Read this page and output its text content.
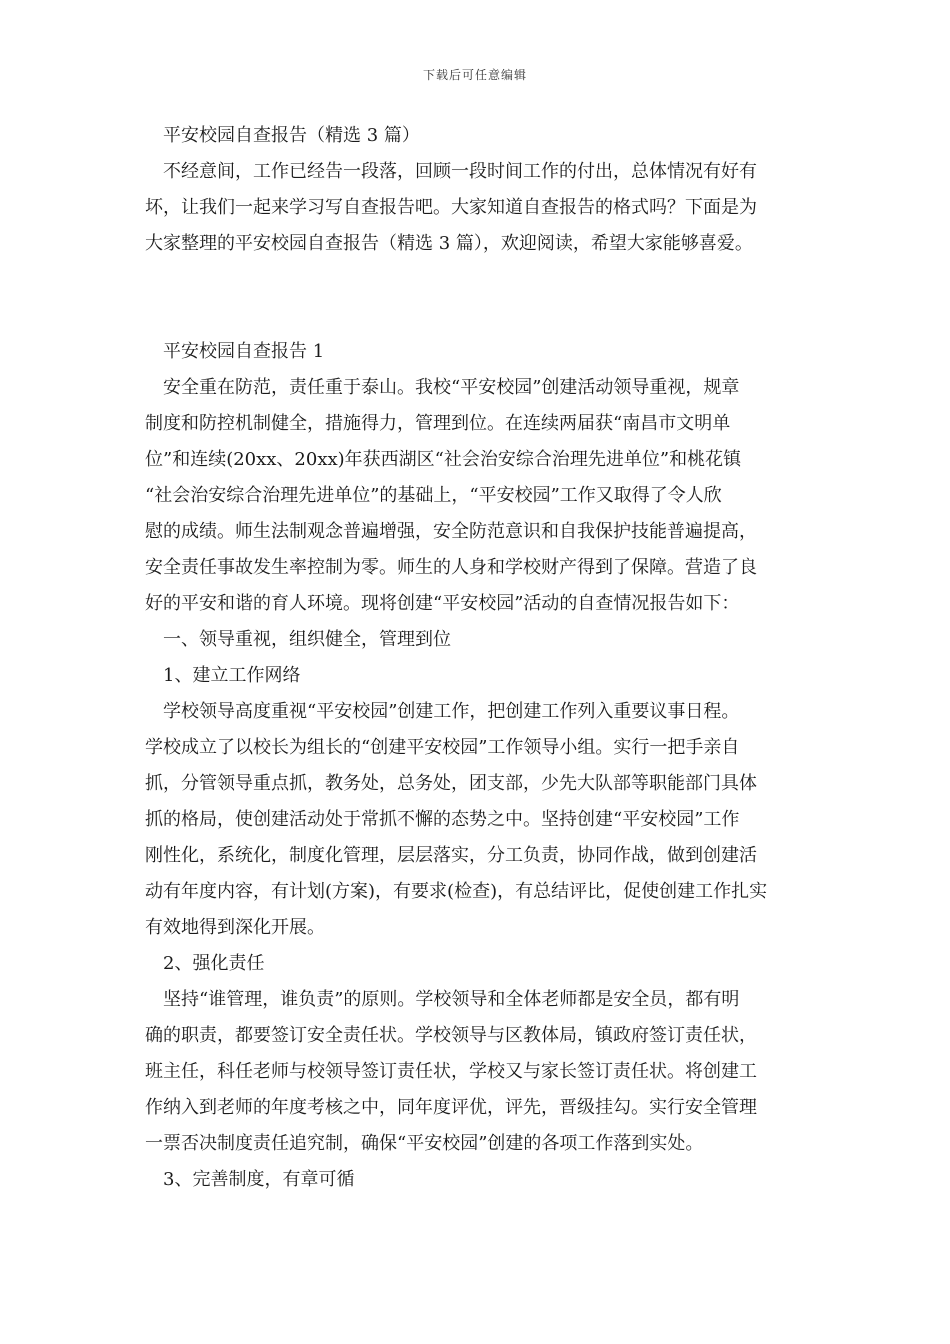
下载后可任意编辑

平安校园自查报告（精选 3 篇）

不经意间，工作已经告一段落，回顾一段时间工作的付出，总体情况有好有

坏，让我们一起来学习写自查报告吧。大家知道自查报告的格式吗？下面是为

大家整理的平安校园自查报告（精选 3 篇），欢迎阅读，希望大家能够喜爱。

平安校园自查报告 1

安全重在防范，责任重于泰山。我校“平安校园”创建活动领导重视，规章

制度和防控机制健全，措施得力，管理到位。在连续两届获“南昌市文明单

位”和连续(20xx、20xx)年获西湖区“社会治安综合治理先进单位”和桃花镇

“社会治安综合治理先进单位”的基础上，“平安校园”工作又取得了令人欣

慰的成绩。师生法制观念普遍增强，安全防范意识和自我保护技能普遍提高，

安全责任事故发生率控制为零。师生的人身和学校财产得到了保障。营造了良

好的平安和谐的育人环境。现将创建“平安校园”活动的自查情况报告如下：

一、领导重视，组织健全，管理到位

1、建立工作网络

学校领导高度重视“平安校园”创建工作，把创建工作列入重要议事日程。

学校成立了以校长为组长的“创建平安校园”工作领导小组。实行一把手亲自

抓，分管领导重点抓，教务处，总务处，团支部，少先大队部等职能部门具体

抓的格局，使创建活动处于常抓不懈的态势之中。坚持创建“平安校园”工作

刚性化，系统化，制度化管理，层层落实，分工负责，协同作战，做到创建活

动有年度内容，有计划(方案)，有要求(检查)，有总结评比，促使创建工作扎实

有效地得到深化开展。

2、强化责任

坚持“谁管理，谁负责”的原则。学校领导和全体老师都是安全员，都有明

确的职责，都要签订安全责任状。学校领导与区教体局，镇政府签订责任状，

班主任，科任老师与校领导签订责任状，学校又与家长签订责任状。将创建工

作纳入到老师的年度考核之中，同年度评优，评先，晋级挂勾。实行安全管理

一票否决制度责任追究制，确保“平安校园”创建的各项工作落到实处。

3、完善制度，有章可循
